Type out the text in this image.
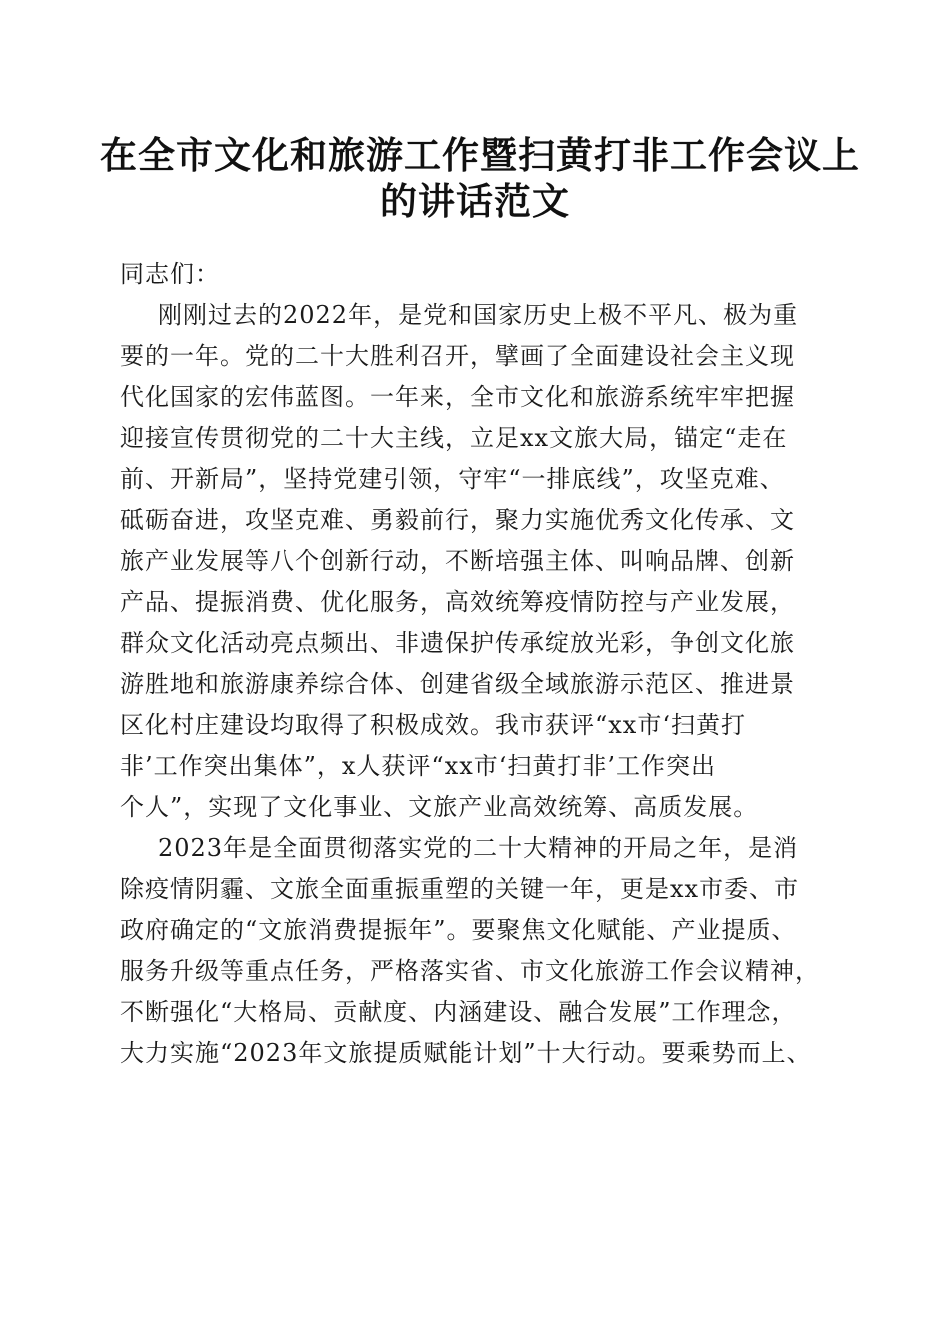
在全市文化和旅游工作暨扫黄打非工作会议上
的讲话范文
同志们：
刚刚过去的2022年，是党和国家历史上极不平凡、极为重
要的一年。党的二十大胜利召开，擘画了全面建设社会主义现
代化国家的宏伟蓝图。一年来，全市文化和旅游系统牢牢把握
迎接宣传贯彻党的二十大主线，立足xx文旅大局，锚定“走在
前、开新局”，坚持党建引领，守牢“一排底线”，攻坚克难、
砥砺奋进，攻坚克难、勇毅前行，聚力实施优秀文化传承、文
旅产业发展等八个创新行动，不断培强主体、叫响品牌、创新
产品、提振消费、优化服务，高效统筹疫情防控与产业发展，
群众文化活动亮点频出、非遗保护传承绽放光彩，争创文化旅
游胜地和旅游康养综合体、创建省级全域旅游示范区、推进景
区化村庄建设均取得了积极成效。我市获评“xx市‘扫黄打
非’工作突出集体”，x人获评“xx市‘扫黄打非’工作突出
个人”，实现了文化事业、文旅产业高效统筹、高质发展。
2023年是全面贯彻落实党的二十大精神的开局之年，是消
除疫情阴霾、文旅全面重振重塑的关键一年，更是xx市委、市
政府确定的“文旅消费提振年”。要聚焦文化赋能、产业提质、
服务升级等重点任务，严格落实省、市文化旅游工作会议精神，
不断强化“大格局、贡献度、内涵建设、融合发展”工作理念，
大力实施“2023年文旅提质赋能计划”十大行动。要乘势而上、
